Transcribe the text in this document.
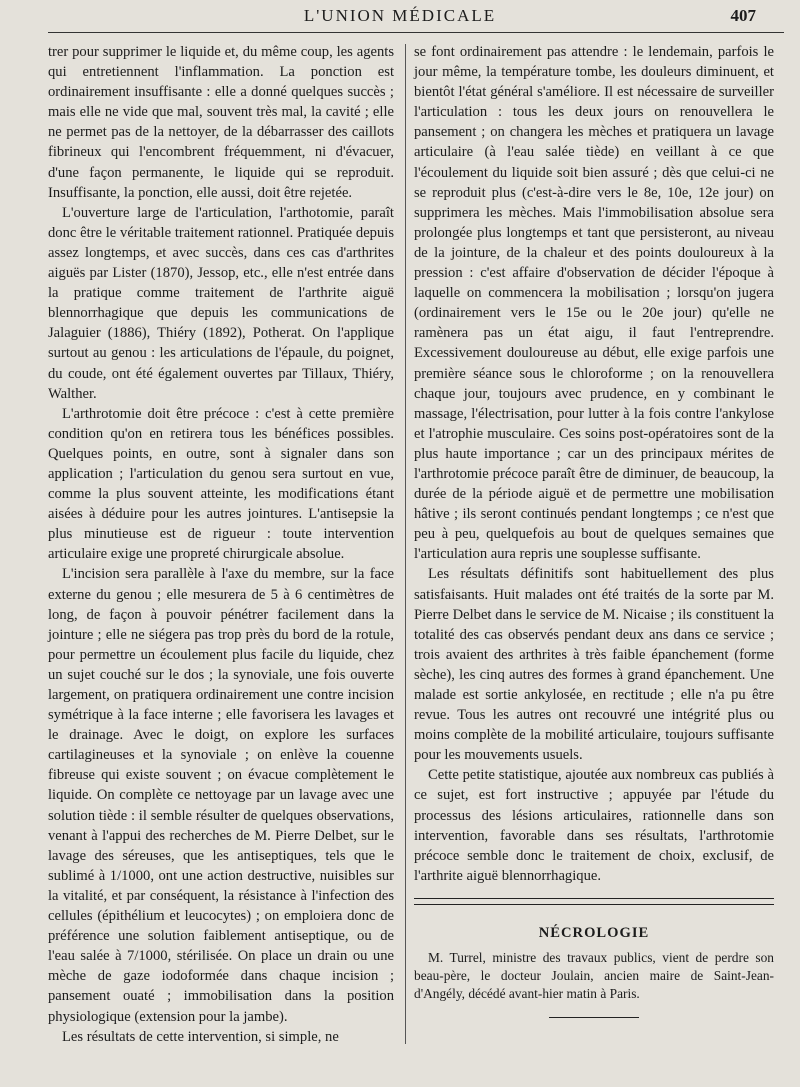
L'UNION MÉDICALE	407

trer pour supprimer le liquide et, du même coup, les agents qui entretiennent l'inflammation. La ponction est ordinairement insuffisante : elle a donné quelques succès ; mais elle ne vide que mal, souvent très mal, la cavité ; elle ne permet pas de la nettoyer, de la débarrasser des caillots fibrineux qui l'encombrent fréquemment, ni d'évacuer, d'une façon permanente, le liquide qui se reproduit. Insuffisante, la ponction, elle aussi, doit être rejetée.

L'ouverture large de l'articulation, l'arthotomie, paraît donc être le véritable traitement rationnel. Pratiquée depuis assez longtemps, et avec succès, dans ces cas d'arthrites aiguës par Lister (1870), Jessop, etc., elle n'est entrée dans la pratique comme traitement de l'arthrite aiguë blennorrhagique que depuis les communications de Jalaguier (1886), Thiéry (1892), Potherat. On l'applique surtout au genou : les articulations de l'épaule, du poignet, du coude, ont été également ouvertes par Tillaux, Thiéry, Walther.

L'arthrotomie doit être précoce : c'est à cette première condition qu'on en retirera tous les bénéfices possibles. Quelques points, en outre, sont à signaler dans son application ; l'articulation du genou sera surtout en vue, comme la plus souvent atteinte, les modifications étant aisées à déduire pour les autres jointures. L'antisepsie la plus minutieuse est de rigueur : toute intervention articulaire exige une propreté chirurgicale absolue.

L'incision sera parallèle à l'axe du membre, sur la face externe du genou ; elle mesurera de 5 à 6 centimètres de long, de façon à pouvoir pénétrer facilement dans la jointure ; elle ne siégera pas trop près du bord de la rotule, pour permettre un écoulement plus facile du liquide, chez un sujet couché sur le dos ; la synoviale, une fois ouverte largement, on pratiquera ordinairement une contre incision symétrique à la face interne ; elle favorisera les lavages et le drainage. Avec le doigt, on explore les surfaces cartilagineuses et la synoviale ; on enlève la couenne fibreuse qui existe souvent ; on évacue complètement le liquide. On complète ce nettoyage par un lavage avec une solution tiède : il semble résulter de quelques observations, venant à l'appui des recherches de M. Pierre Delbet, sur le lavage des séreuses, que les antiseptiques, tels que le sublimé à 1/1000, ont une action destructive, nuisibles sur la vitalité, et par conséquent, la résistance à l'infection des cellules (épithélium et leucocytes) ; on emploiera donc de préférence une solution faiblement antiseptique, ou de l'eau salée à 7/1000, stérilisée. On place un drain ou une mèche de gaze iodoformée dans chaque incision ; pansement ouaté ; immobilisation dans la position physiologique (extension pour la jambe).

Les résultats de cette intervention, si simple, ne

se font ordinairement pas attendre : le lendemain, parfois le jour même, la température tombe, les douleurs diminuent, et bientôt l'état général s'améliore. Il est nécessaire de surveiller l'articulation : tous les deux jours on renouvellera le pansement ; on changera les mèches et pratiquera un lavage articulaire (à l'eau salée tiède) en veillant à ce que l'écoulement du liquide soit bien assuré ; dès que celui-ci ne se reproduit plus (c'est-à-dire vers le 8e, 10e, 12e jour) on supprimera les mèches. Mais l'immobilisation absolue sera prolongée plus longtemps et tant que persisteront, au niveau de la jointure, de la chaleur et des points douloureux à la pression : c'est affaire d'observation de décider l'époque à laquelle on commencera la mobilisation ; lorsqu'on jugera (ordinairement vers le 15e ou le 20e jour) qu'elle ne ramènera pas un état aigu, il faut l'entreprendre. Excessivement douloureuse au début, elle exige parfois une première séance sous le chloroforme ; on la renouvellera chaque jour, toujours avec prudence, en y combinant le massage, l'électrisation, pour lutter à la fois contre l'ankylose et l'atrophie musculaire. Ces soins post-opératoires sont de la plus haute importance ; car un des principaux mérites de l'arthrotomie précoce paraît être de diminuer, de beaucoup, la durée de la période aiguë et de permettre une mobilisation hâtive ; ils seront continués pendant longtemps ; ce n'est que peu à peu, quelquefois au bout de quelques semaines que l'articulation aura repris une souplesse suffisante.

Les résultats définitifs sont habituellement des plus satisfaisants. Huit malades ont été traités de la sorte par M. Pierre Delbet dans le service de M. Nicaise ; ils constituent la totalité des cas observés pendant deux ans dans ce service ; trois avaient des arthrites à très faible épanchement (forme sèche), les cinq autres des formes à grand épanchement. Une malade est sortie ankylosée, en rectitude ; elle n'a pu être revue. Tous les autres ont recouvré une intégrité plus ou moins complète de la mobilité articulaire, toujours suffisante pour les mouvements usuels.

Cette petite statistique, ajoutée aux nombreux cas publiés à ce sujet, est fort instructive ; appuyée par l'étude du processus des lésions articulaires, rationnelle dans son intervention, favorable dans ses résultats, l'arthrotomie précoce semble donc le traitement de choix, exclusif, de l'arthrite aiguë blennorrhagique.

NÉCROLOGIE

M. Turrel, ministre des travaux publics, vient de perdre son beau-père, le docteur Joulain, ancien maire de Saint-Jean-d'Angély, décédé avant-hier matin à Paris.
